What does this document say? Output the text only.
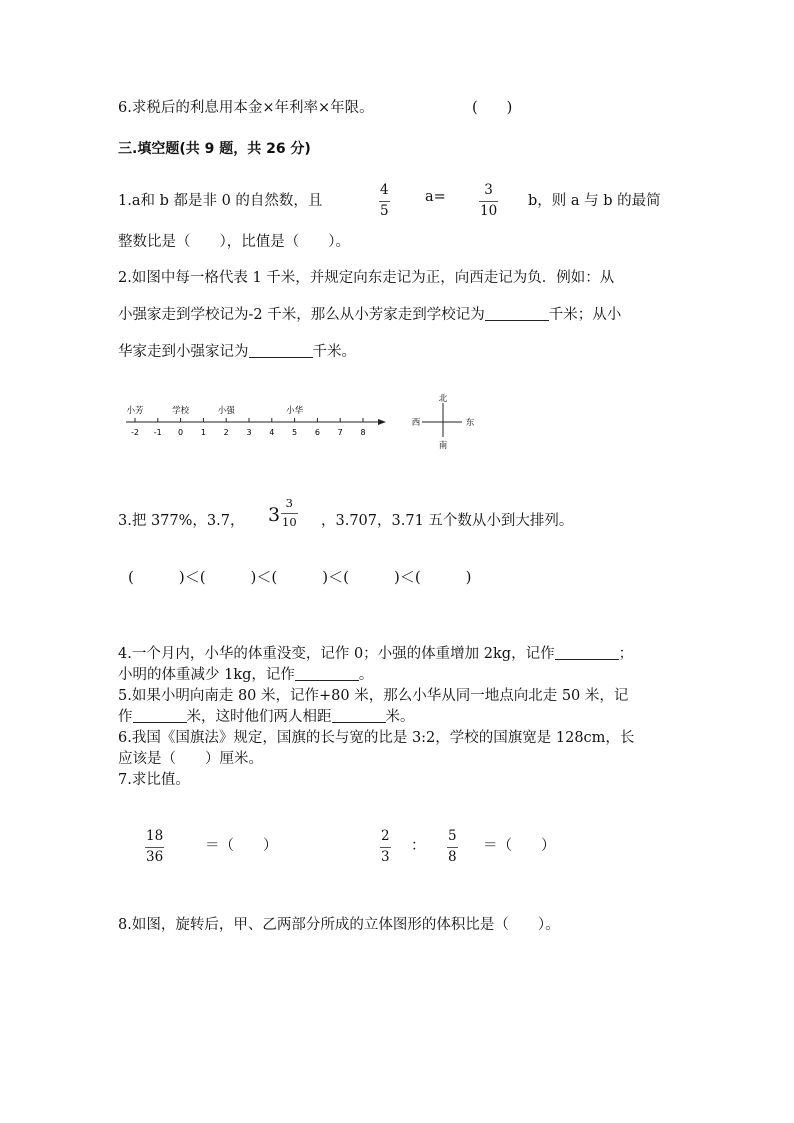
6.求税后的利息用本金×年利率×年限。	(　　)
三.填空题(共 9 题，共 26 分)
1.a和 b 都是非 0 的自然数，且
4
5
a=	3
10
b，则 a 与 b 的最简
整数比是（　　），比值是（　　）。
2.如图中每一格代表 1 千米，并规定向东走记为正，向西走记为负．例如：从
小强家走到学校记为-2 千米，那么从小芳家走到学校记为	千米；从小
华家走到小强家记为	千米。
-2 -1 0 1 2 3 4 5 6 7 8
小芳	学校	小强	小华
北
南
东
西
3.把 377%，3.7， 3
3
10 ，3.707，3.71 五个数从小到大排列。
(　　　)＜(　　　)＜(　　　)＜(　　　)＜(　　　)
4.一个月内，小华的体重没变，记作 0；小强的体重增加 2kg，记作	；
小明的体重减少 1kg，记作	。
5.如果小明向南走 80 米，记作+80 米，那么小华从同一地点向北走 50 米，记
作	米，这时他们两人相距	米。
6.我国《国旗法》规定，国旗的长与宽的比是 3:2，学校的国旗宽是 128cm，长
应该是（　　）厘米。
7.求比值。
18
36
＝（　　）
2
3
：
5
8
＝（　　）
8.如图，旋转后，甲、乙两部分所成的立体图形的体积比是（　　）。
